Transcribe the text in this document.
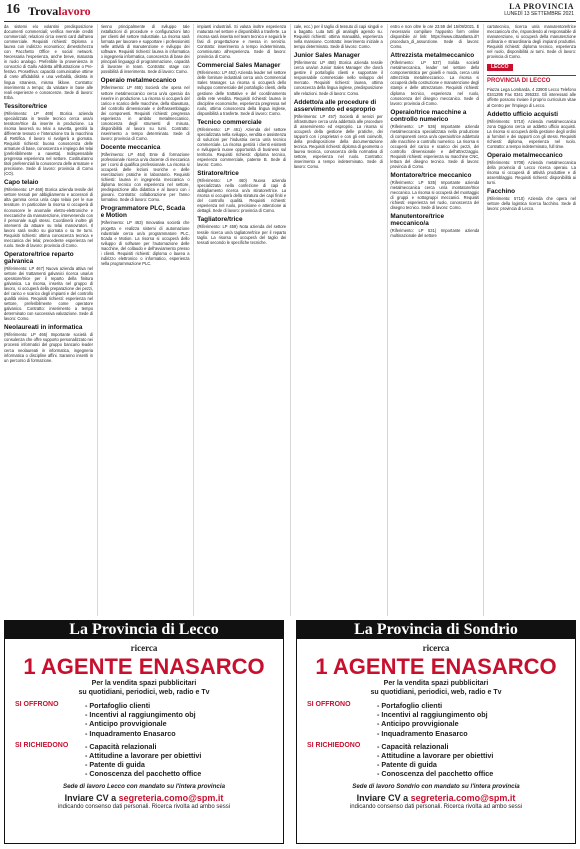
16 Trovalavoro	LA PROVINCIA
LUNEDÌ 13 SETTEMBRE 2021

da sistemi e/o volantini predisposizione documenti commerciali; verifica mensile crediti commerciali; relazioni circa eventi card dall'area commerciale. Requisiti richiesti: Diploma o laurea con indirizzo economico; dimestichezza con Pacchetto Office e social network. Necessaria l'esperienza, anche breve, maturata in ruolo analogo. Preferibile la provenienza in consorzio di Gallo Addetta all'illustrazione o Pre-festivo. Prosethiva: capacità comunicative ottime di crete affidabilità e una verbalità, distinta in lingua straniera, misma liklove. Contratto: inserimento a tempo; da valutare in base alle reali esperienze e conoscenze. Sede di lavoro: Erba.

Tessitore/trice

(Riferimento: LP 469) Storica azienda specializzata in tessile tecnico cerca una/o tessitore/trice da inserire in produzione. La risorsa lavorerà su telai a navetta, gestirà la differente tessuto e l'interazione tra la macchina di Rettifica. Il lavoro si svolgerà a giornata. Requisiti richiesti: buona conoscenza delle armature di base, conoscenza e impiego dei telai (preferibilmente a navetta). Indispensabile pregressa esperienza nel settore. Costituiranno titoli preferenziali la conoscenza delle armature e precisione. Sede di lavoro: provincia di Como (CO).

Capo telaio

(Riferimento: LP 468) Storica azienda tessile del settore tessuti per abbigliamento e accessori di alta gamma cerca un/a capo telaio per le sue tessiture. In particolare la risorsa si occuperà di riconoscere le anomalie elettro-elettroniche e meccaniche da manutenzione, intervenendo con il personale sugli stessi. Coordinerà inoltre gli interventi da attuare su telai manovratori. Il lavoro sarà svolto su giornata o su tre turni. Requisiti richiesti: ottima conoscenza tecnica e meccanica dei telai; precedente esperienza nel ruolo. Sede di lavoro: provincia di Como.

Operatore/trice reparto galvanica

(Riferimento: LP 467) Nuova azienda attiva nel settore dei trattamenti galvanici ricerca una/un operatore/trice per il reparto della finitura galvanica. La risorsa, inserita nel gruppo di lavoro, si occuperà della preparazione dei pezzi, del carico e scarico degli impianti e del controllo qualità visivo. Requisiti richiesti: esperienza nel settore, preferibilmente come operatore galvanico. Contratto: inserimento a tempo determinato con successiva valutazione. Sede di lavoro: Como.

Neolaureati in informatica

(Riferimento: LP 466) Importante società di consulenza che offre supporto personalizzato nei processi informatici del gruppo bancario leader cerca neolaureati in informatica, ingegneria informatica o discipline affini. Saranno inseriti in un percorso di formazione.

rienno principalmente di sviluppo tale installazioni di procedure e configurazioni lato per clienti del settore Industriale. La risorsa sarà formata per lavorare e supportare i professionisti nelle attività di manutenzione e sviluppo dei software. Requisiti richiesti: laurea in informatica o ingegneria informatica, conoscenza di base dei principali linguaggi di programmazione, capacità di lavorare in team. Contratto: stage con possibilità di inserimento. Sede di lavoro: Como.

Operaio metalmeccanico

(Riferimento: LP 465) Società che opera nel settore metalmeccanico cerca un/a operaio da inserire in produzione. La risorsa si occuperà del carico e scarico delle macchine, della sbavatura, del controllo dimensionale e dell'assemblaggio dei componenti. Requisiti richiesti: pregressa esperienza in ambito metalmeccanico, conoscenza degli strumenti di misura, disponibilità al lavoro su turni. Contratto: inserimento a tempo determinato. Sede di lavoro: provincia di Como.

Docente meccanica

(Riferimento: LP 464) Ente di formazione professionale ricerca un/a docente di meccanica per i corsi di qualifica professionale. La risorsa si occuperà delle lezioni teoriche e delle esercitazioni pratiche in laboratorio. Requisiti richiesti: laurea in ingegneria meccanica o diploma tecnico con esperienza nel settore, predisposizione alla didattica e al lavoro con i giovani. Contratto: collaborazione per l'anno formativo. Sede di lavoro: Como.

Programmatore PLC, Scada e Motion

(Riferimento: LP 463) Innovativa società che progetta e realizza sistemi di automazione industriale cerca un/a programmatore PLC, Scada e Motion. La risorsa si occuperà dello sviluppo di software per l'automazione delle macchine, del collaudo e dell'avviamento presso i clienti. Requisiti richiesti: diploma o laurea a indirizzo elettronico o informatico, esperienza nella programmazione PLC.

impianti industriali. Si valuta inoltre esperienza maturata nel settore e disponibilità a trasferte. La risorsa sarà inserita nel team tecnico e seguirà le fasi di progettazione e messa in servizio. Contratto: inserimento a tempo indeterminato, commisurato all'esperienza. Sede di lavoro: provincia di Como.

Commercial Sales Manager

(Riferimento: LP 462) Azienda leader nel settore delle forniture industriali cerca un/a Commercial Sales Manager. La risorsa si occuperà dello sviluppo commerciale del portafoglio clienti, della gestione delle trattative e del coordinamento della rete vendita. Requisiti richiesti: laurea in discipline economiche, esperienza pregressa nel ruolo, ottima conoscenza della lingua inglese, disponibilità a trasferte. Sede di lavoro: Como.

Tecnico commerciale

(Riferimento: LP 461) Azienda del settore specializzata nella sviluppo, vendita e assistenza di soluzioni per l'industria cerca un/a tecnico commerciale. La risorsa gestirà i clienti esistenti e svilupperà nuove opportunità di business sul territorio. Requisiti richiesti: diploma tecnico, esperienza commerciale, patente B. Sede di lavoro: Como.

Stiratore/trice

(Riferimento: LP 460) Nuova azienda specializzata nella confezione di capi di abbigliamento ricerca un/a stiratore/trice. La risorsa si occuperà della stiratura dei capi finiti e del controllo qualità. Requisiti richiesti: esperienza nel ruolo, precisione e attenzione ai dettagli. Sede di lavoro: provincia di Como.

Tagliatore/trice

(Riferimento: LP 459) Nota azienda del settore tessile ricerca un/a tagliatore/trice per il reparto taglio. La risorsa si occuperà del taglio dei tessuti secondo le specifiche tecniche.

cale, ecc.) per il taglio di tessuto di capi singoli e a bagatto. Luta tutti gli analoghi agendo su. Requisiti richiesti: ottima manualità, esperienza nella mansione. Contratto: inserimento iniziale a tempo determinato. Sede di lavoro: Como.

Junior Sales Manager

(Riferimento: LP 458) Storica azienda tessile cerca una/un Junior Sales Manager che dovrà gestire il portafoglio clienti e supportare il responsabile commerciale nello sviluppo del mercato. Requisiti richiesti: laurea, ottima conoscenza della lingua inglese, predisposizione alle relazioni. Sede di lavoro: Como.

Addetto/a alle procedure di asservimento ed esproprio

(Riferimento: LP 457) Società di servizi per infrastrutture cerca un/a addetto/a alle procedure di asservimento ed esproprio. La risorsa si occuperà della gestione delle pratiche, dei rapporti con i proprietari e con gli enti coinvolti, della predisposizione della documentazione tecnica. Requisiti richiesti: diploma di geometra o laurea tecnica, conoscenza della normativa di settore, esperienza nel ruolo. Contratto: inserimento a tempo indeterminato. Sede di lavoro: Como.

entro e non oltre le ore 23.59 del 15/09/2021. È necessario compilare l'apposito form online disponibile al link: https://www.cittaatlanta.it/?procedura_di_assunzione. Sede di lavoro: Como.

Attrezzista metalmeccanico

(Riferimento: LP 537) Solida società metalmeccanica, leader nel settore della componentistica per gioielli e moda, cerca un/a attrezzista metalmeccanico. La risorsa si occuperà della costruzione e manutenzione degli stampi e delle attrezzature. Requisiti richiesti: diploma tecnico, esperienza nel ruolo, conoscenza del disegno meccanico. Sede di lavoro: provincia di Como.

Operaio/trice macchine a controllo numerico

(Riferimento: LP 536) Importante azienda metalmeccanica specializzata nella produzione di componenti cerca un/a operaio/trice addetto/a alle macchine a controllo numerico. La risorsa si occuperà del carico e scarico dei pezzi, del controllo dimensionale e dell'attrezzaggio. Requisiti richiesti: esperienza su macchine CNC, lettura del disegno tecnico. Sede di lavoro: provincia di Como.

Montatore/trice meccanico

(Riferimento: LP 535) Importante azienda metalmeccanica cerca un/a montatore/trice meccanico. La risorsa si occuperà del montaggio di gruppi e sottogruppi meccanici. Requisiti richiesti: esperienza nel ruolo, conoscenza del disegno tecnico. Sede di lavoro: Como.

Manutentore/trice meccanico/a

(Riferimento: LP 531) Importante azienda multinazionale del settore

cartotecnico, ricerca un/a manutentore/trice meccanico/a che, rispondendo al responsabile di manutenzione, si occuperà della manutenzione ordinaria e straordinaria degli impianti produttivi. Requisiti richiesti: diploma tecnico, esperienza nel ruolo, disponibilità ai turni. Sede di lavoro: provincia di Como.

LECCO
PROVINCIA DI LECCO

Piazza Lega Lombarda, 4 23900 Lecco Telefono 0341295 Fax 0341 295333. Gli interessati alle offerte possono inviare il proprio curriculum vitae al Centro per l'impiego di Lecco.

Addetto ufficio acquisti

(Riferimento: 5710) Azienda metalmeccanica zona Oggiono cerca un addetto ufficio acquisti. La risorsa si occuperà della gestione degli ordini ai fornitori e dei rapporti con gli stessi. Requisiti richiesti: diploma, esperienza nel ruolo. Contratto: a tempo indeterminato, full time.

Operaio metalmeccanico

(Riferimento: 5708) Azienda metalmeccanica della provincia di Lecco ricerca operaio. La risorsa si occuperà di attività produttive e di assemblaggio. Requisiti richiesti: disponibilità ai turni.

Facchino

(Riferimento: 5710) Azienda che opera nel settore della logistica ricerca facchino. Sede di lavoro: provincia di Lecco.

La Provincia di Lecco
ricerca
1 AGENTE ENASARCO
Per la vendita spazi pubblicitari
su quotidiani, periodici, web, radio e Tv
SI OFFRONO	- Portafoglio clienti
- Incentivi al raggiungimento obj
- Anticipo provvigionale
- Inquadramento Enasarco
SI RICHIEDONO	- Capacità relazionali
- Attitudine a lavorare per obiettivi
- Patente di guida
- Conoscenza del pacchetto office
Sede di lavoro Lecco con mandato su l'intera provincia
Inviare CV a segreteria.como@spm.it
indicando consenso dati personali. Ricerca rivolta ad ambo sessi
La Provincia di Sondrio
ricerca
1 AGENTE ENASARCO
Per la vendita spazi pubblicitari
su quotidiani, periodici, web, radio e Tv
SI OFFRONO	- Portafoglio clienti
- Incentivi al raggiungimento obj
- Anticipo provvigionale
- Inquadramento Enasarco
SI RICHIEDONO	- Capacità relazionali
- Attitudine a lavorare per obiettivi
- Patente di guida
- Conoscenza del pacchetto office
Sede di lavoro Sondrio con mandato su l'intera provincia
Inviare CV a segreteria.como@spm.it
indicando consenso dati personali. Ricerca rivolta ad ambo sessi
